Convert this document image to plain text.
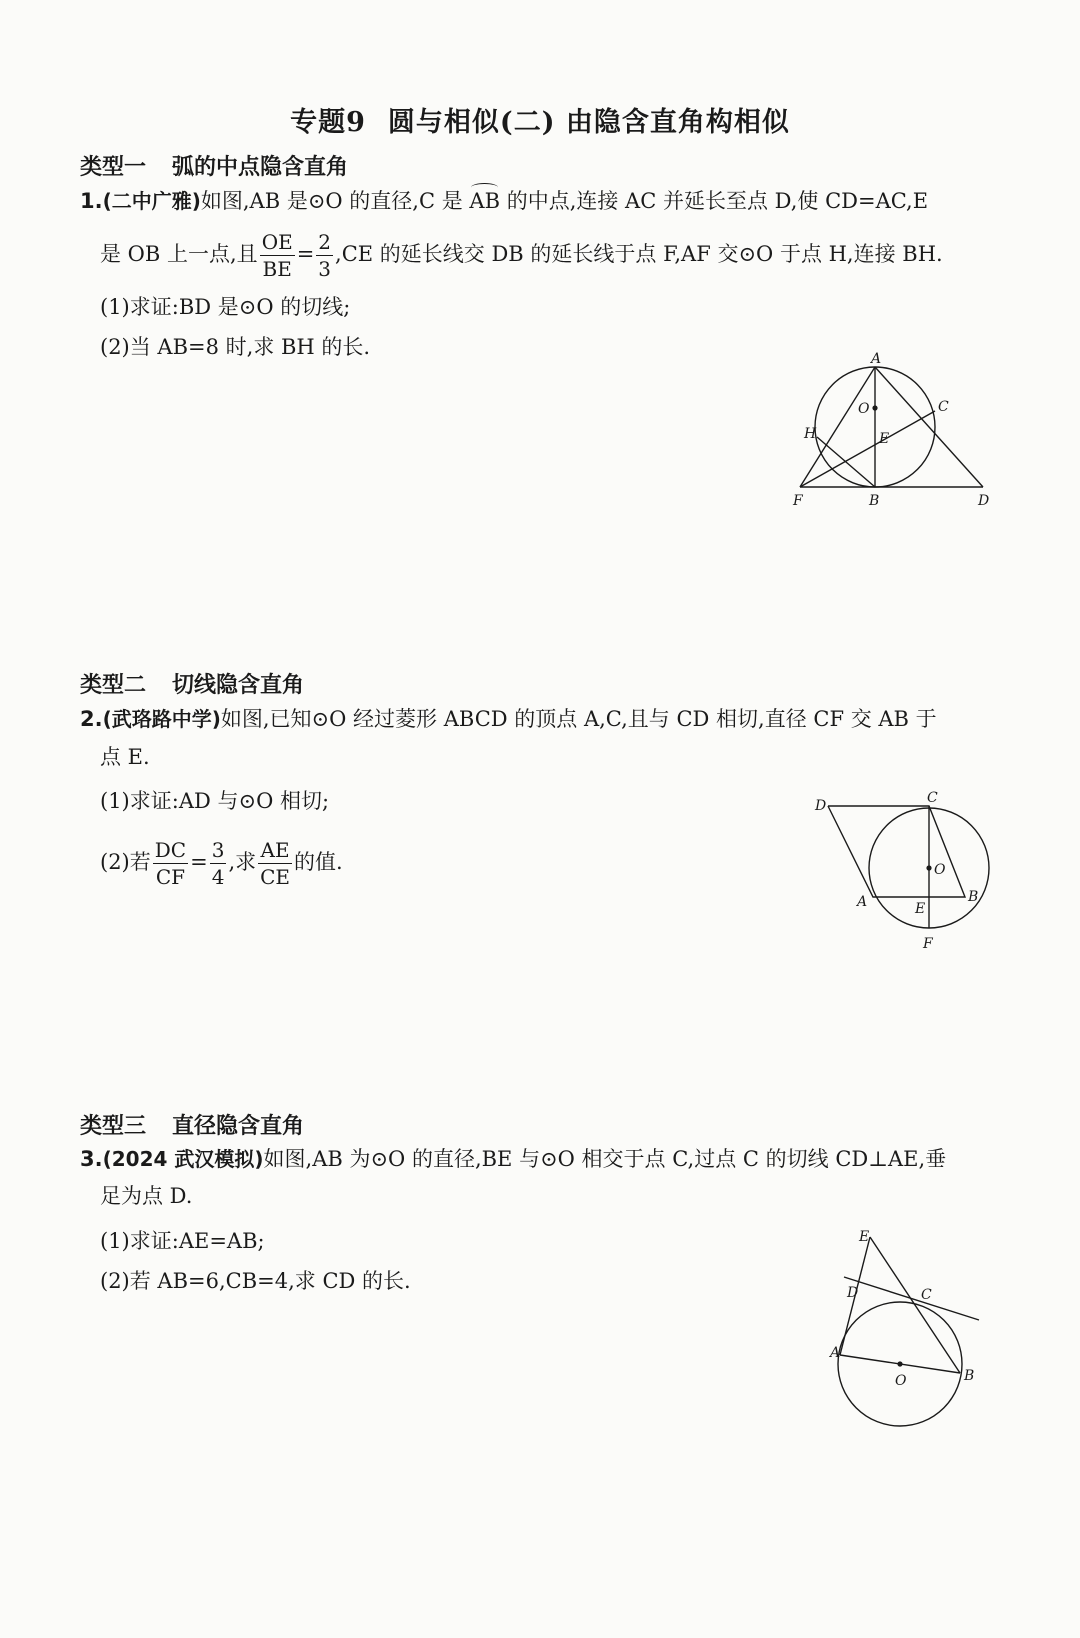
专题9 圆与相似(二) 由隐含直角构相似
类型一 弧的中点隐含直角
1.(二中广雅)如图,AB 是⊙O 的直径,C 是 AB 的中点,连接 AC 并延长至点 D,使 CD=AC,E
是 OB 上一点,且 $\frac{OE}{BE} = \frac{2}{3} ,CE$ 的延长线交 DB 的延长线于点 F,AF 交⊙O 于点 H,连接 BH.
(1)求证:BD 是⊙O 的切线;
(2)当 AB=8 时,求 BH 的长.	A
O	C
H	E
F	B	D
类型二 切线隐含直角
2.(武珞路中学)如图,已知⊙O 经过菱形 ABCD 的顶点 A,C,且与 CD 相切,直径 CF 交 AB 于
点 E.
(1)求证:AD 与⊙O 相切;
(2)若 $\frac{DC}{CF} = \frac{3}{4}$ ,求 $\frac{AE}{CE}$ 的值.
D	C
O
A	E
B
F
类型三 直径隐含直角
3.(2024 武汉模拟)如图,AB 为⊙O 的直径,BE 与⊙O 相交于点 C,过点 C 的切线 CD⊥AE,垂
足为点 D.
(1)求证:AE=AB;
(2)若 AB=6,CB=4,求 CD 的长.
E
D	C
A
O	B
